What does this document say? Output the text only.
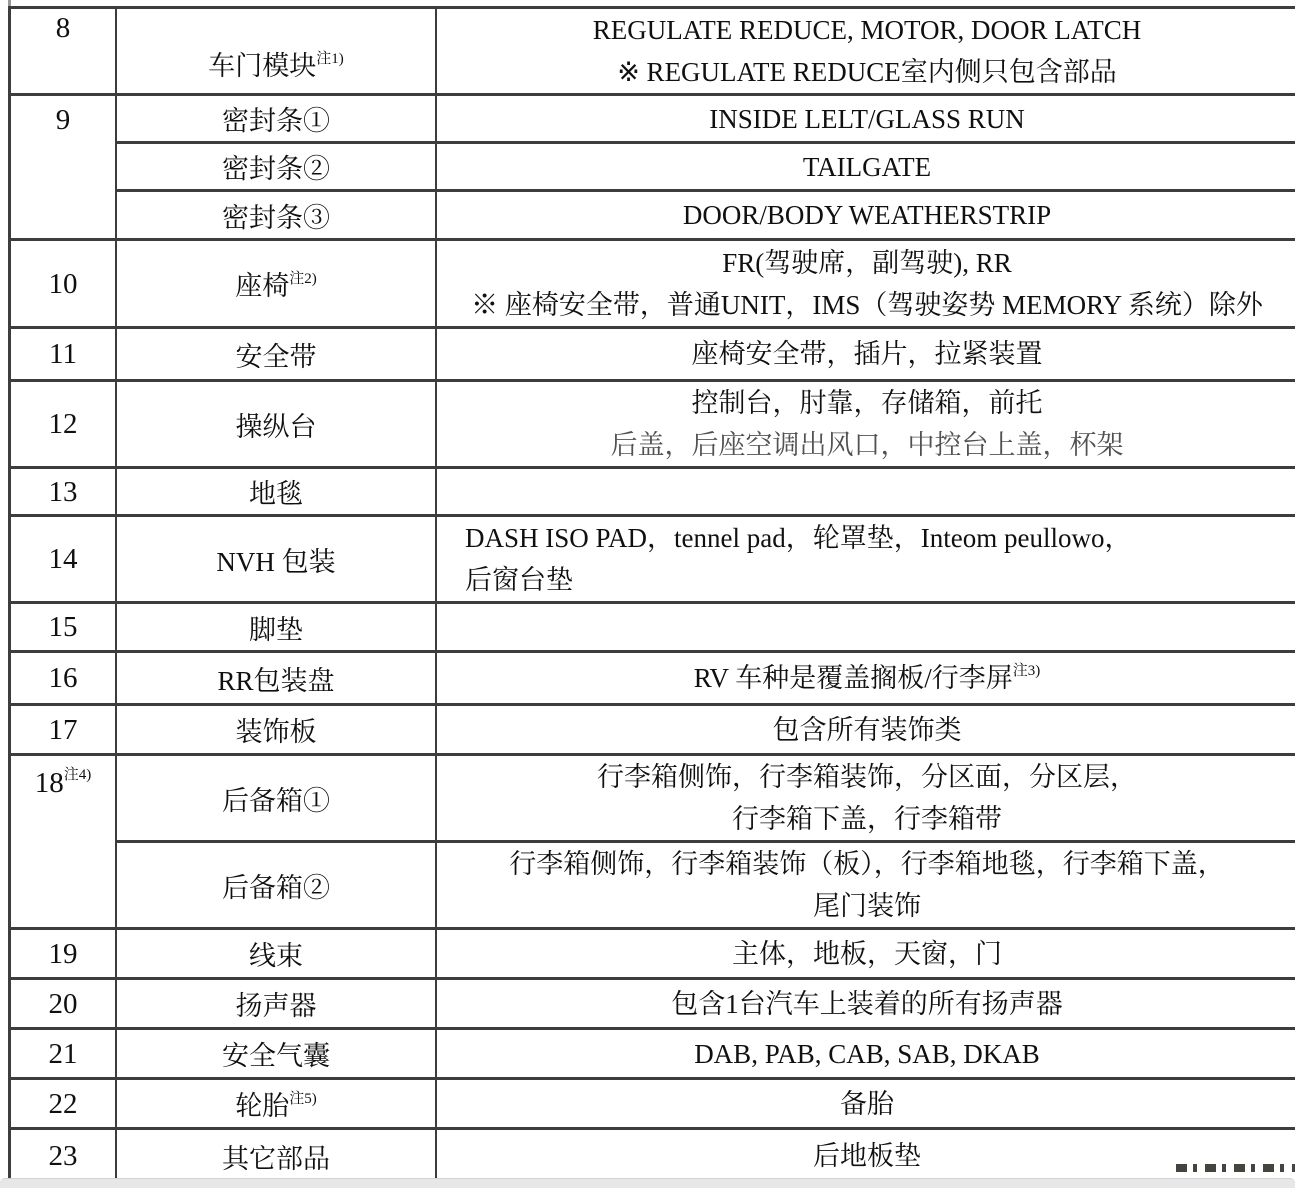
8	车门模块$^{注1)}$	REGULATE REDUCE, MOTOR, DOOR LATCH
※ REGULATE REDUCE室内侧只包含部品

9	密封条①	INSIDE LELT/GLASS RUN

	密封条②	TAILGATE

	密封条③	DOOR/BODY WEATHERSTRIP

10	座椅$^{注2)}$	FR(驾驶席，副驾驶), RR
※ 座椅安全带，普通UNIT，IMS（驾驶姿势 MEMORY 系统）除外

11	安全带	座椅安全带，插片，拉紧装置

12	操纵台	控制台，肘靠，存储箱，前托
后盖，后座空调出风口，中控台上盖，杯架

13	地毯	
14	NVH 包装	DASH ISO PAD，tennel pad，轮罩垫，Inteom peullowo，
后窗台垫

15	脚垫	
16	RR包装盘	RV 车种是覆盖搁板/行李屏$^{注3)}$

17	装饰板	包含所有装饰类

18$^{注4)}$	后备箱①	行李箱侧饰，行李箱装饰，分区面，分区层，
行李箱下盖，行李箱带

	后备箱②	行李箱侧饰，行李箱装饰（板），行李箱地毯，行李箱下盖，
尾门装饰

19	线束	主体，地板，天窗，门

20	扬声器	包含1台汽车上装着的所有扬声器

21	安全气囊	DAB, PAB, CAB, SAB, DKAB

22	轮胎$^{注5)}$	备胎

23	其它部品	后地板垫
